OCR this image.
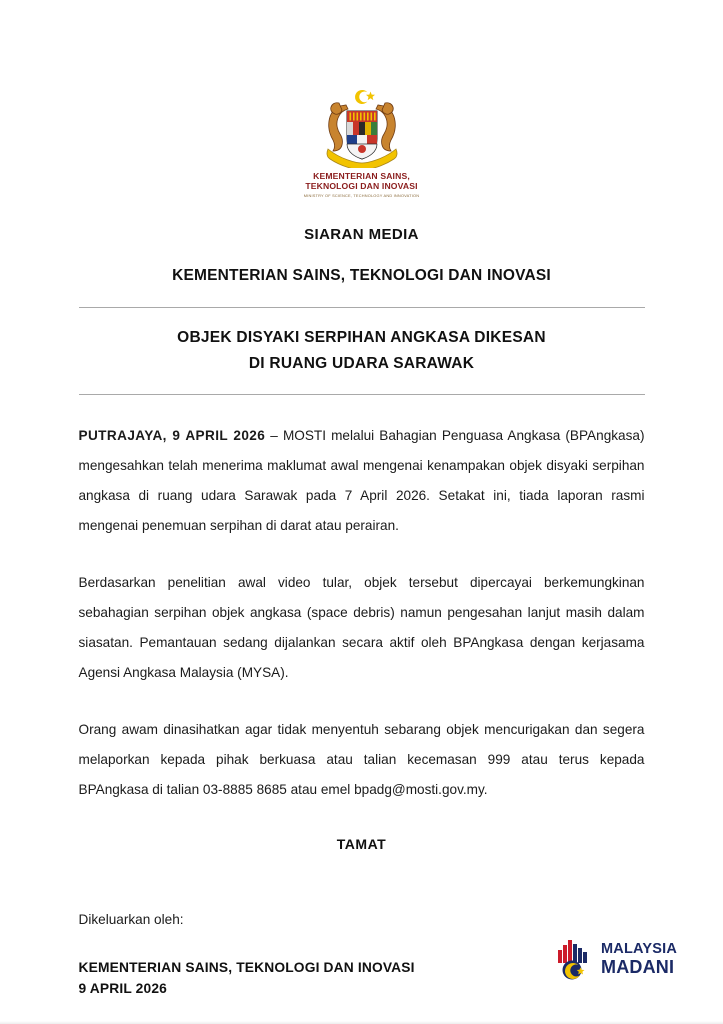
KEMENTERIAN SAINS,
TEKNOLOGI DAN INOVASI
MINISTRY OF SCIENCE, TECHNOLOGY AND INNOVATION
SIARAN MEDIA
KEMENTERIAN SAINS, TEKNOLOGI DAN INOVASI
OBJEK DISYAKI SERPIHAN ANGKASA DIKESAN
DI RUANG UDARA SARAWAK

PUTRAJAYA, 9 APRIL 2026 – MOSTI melalui Bahagian Penguasa Angkasa (BPAngkasa) mengesahkan telah menerima maklumat awal mengenai kenampakan objek disyaki serpihan angkasa di ruang udara Sarawak pada 7 April 2026. Setakat ini, tiada laporan rasmi mengenai penemuan serpihan di darat atau perairan.

Berdasarkan penelitian awal video tular, objek tersebut dipercayai berkemungkinan sebahagian serpihan objek angkasa (space debris) namun pengesahan lanjut masih dalam siasatan. Pemantauan sedang dijalankan secara aktif oleh BPAngkasa dengan kerjasama Agensi Angkasa Malaysia (MYSA).

Orang awam dinasihatkan agar tidak menyentuh sebarang objek mencurigakan dan segera melaporkan kepada pihak berkuasa atau talian kecemasan 999 atau terus kepada BPAngkasa di talian 03-8885 8685 atau emel bpadg@mosti.gov.my.

TAMAT
Dikeluarkan oleh:
KEMENTERIAN SAINS, TEKNOLOGI DAN INOVASI
9 APRIL 2026
MALAYSIA
MADANI
